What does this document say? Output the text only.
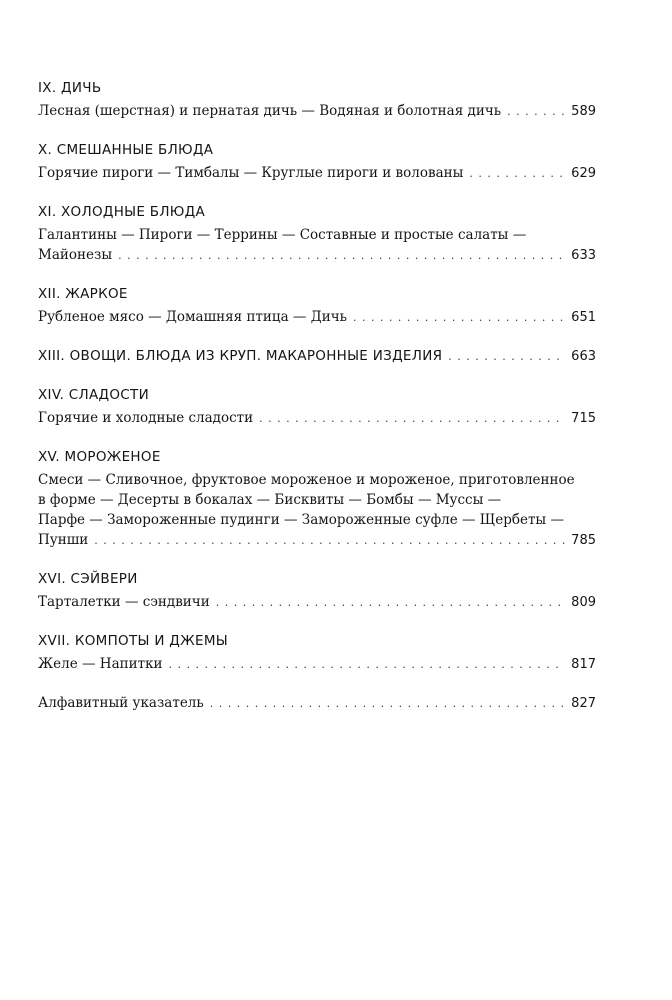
IX. ДИЧЬ
Лесная (шерстная) и пернатая дичь — Водяная и болотная дичь . . .	589
X. СМЕШАННЫЕ БЛЮДА
Горячие пироги — Тимбалы — Круглые пироги и волованы . . .	629
XI. ХОЛОДНЫЕ БЛЮДА
Галантины — Пироги — Террины — Составные и простые салаты —
Майонезы . . .	633
XII. ЖАРКОЕ
Рубленое мясо — Домашняя птица — Дичь . . .	651
XIII. ОВОЩИ. БЛЮДА ИЗ КРУП. МАКАРОННЫЕ ИЗДЕЛИЯ . . .	663
XIV. СЛАДОСТИ
Горячие и холодные сладости . . .	715
XV. МОРОЖЕНОЕ
Смеси — Сливочное, фруктовое мороженое и мороженое, приготовленное
в форме — Десерты в бокалах — Бисквиты — Бомбы — Муссы —
Парфе — Замороженные пудинги — Замороженные суфле — Щербеты —
Пунши . . .	785
XVI. СЭЙВЕРИ
Тарталетки — сэндвичи . . .	809
XVII. КОМПОТЫ И ДЖЕМЫ
Желе — Напитки . . .	817
Алфавитный указатель . . .	827
